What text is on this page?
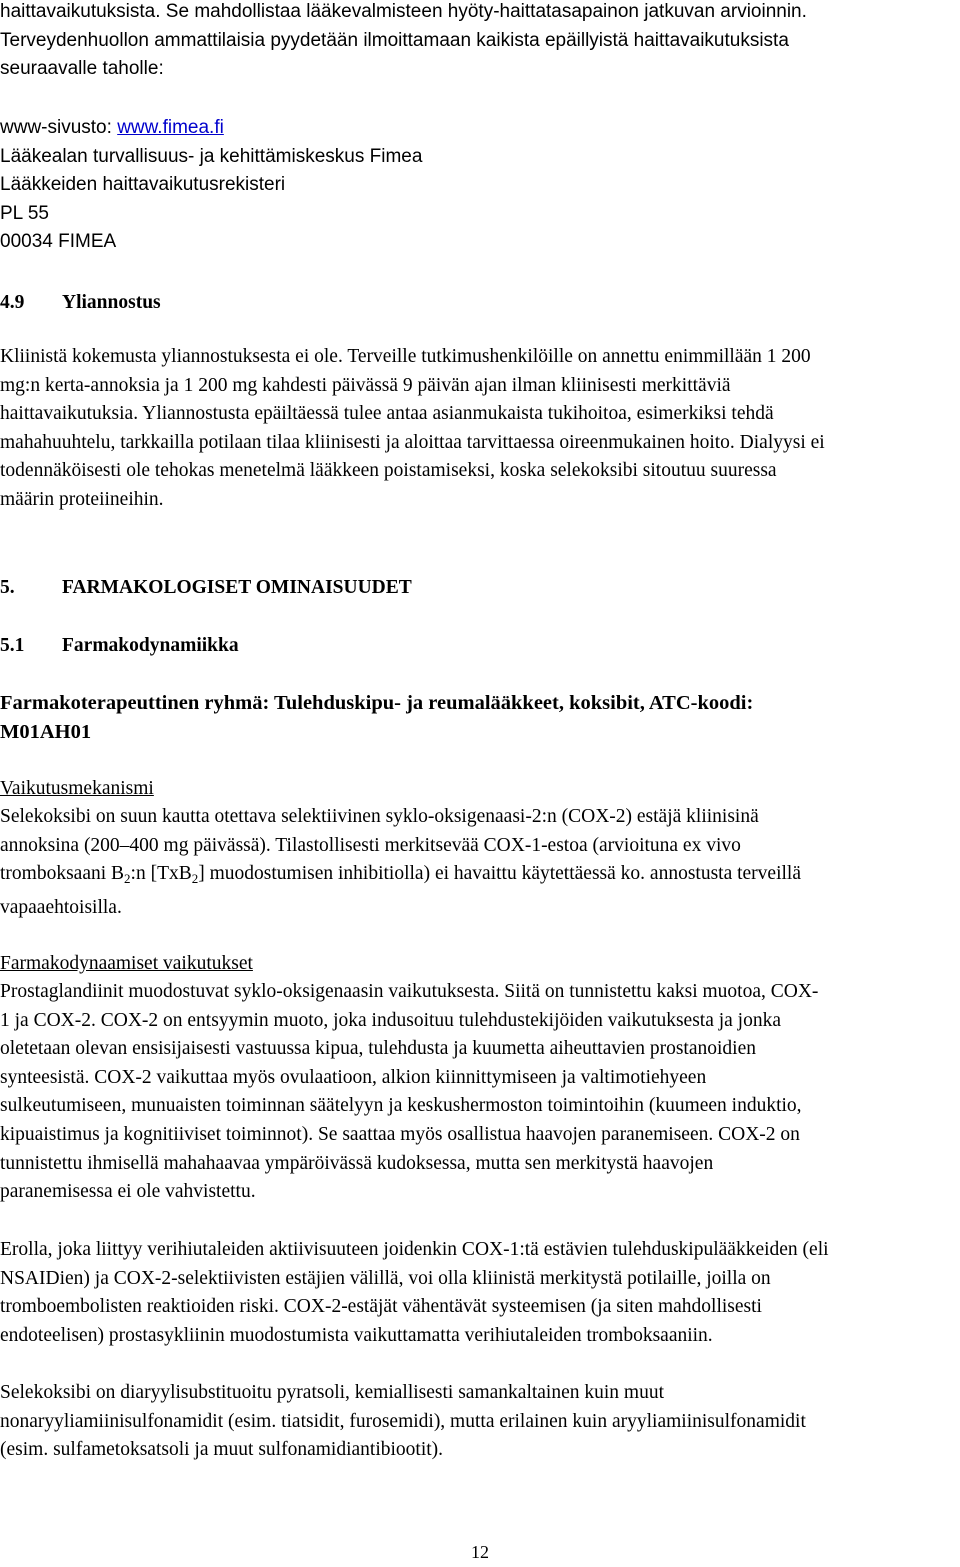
haittavaikutuksista. Se mahdollistaa lääkevalmisteen hyöty-haittatasapainon jatkuvan arvioinnin.

Terveydenhuollon ammattilaisia pyydetään ilmoittamaan kaikista epäillyistä haittavaikutuksista

seuraavalle taholle:

www-sivusto: www.fimea.fi

Lääkealan turvallisuus- ja kehittämiskeskus Fimea

Lääkkeiden haittavaikutusrekisteri

PL 55

00034 FIMEA

4.9	Yliannostus

Kliinistä kokemusta yliannostuksesta ei ole. Terveille tutkimushenkilöille on annettu enimmillään 1 200

mg:n kerta-annoksia ja 1 200 mg kahdesti päivässä 9 päivän ajan ilman kliinisesti merkittäviä

haittavaikutuksia. Yliannostusta epäiltäessä tulee antaa asianmukaista tukihoitoa, esimerkiksi tehdä

mahahuuhtelu, tarkkailla potilaan tilaa kliinisesti ja aloittaa tarvittaessa oireenmukainen hoito. Dialyysi ei

todennäköisesti ole tehokas menetelmä lääkkeen poistamiseksi, koska selekoksibi sitoutuu suuressa

määrin proteiineihin.

5.	FARMAKOLOGISET OMINAISUUDET
5.1	Farmakodynamiikka

Farmakoterapeuttinen ryhmä: Tulehduskipu- ja reumalääkkeet, koksibit, ATC-koodi:

M01AH01

Vaikutusmekanismi

Selekoksibi on suun kautta otettava selektiivinen syklo-oksigenaasi-2:n (COX-2) estäjä kliinisinä

annoksina (200–400 mg päivässä). Tilastollisesti merkitsevää COX-1-estoa (arvioituna ex vivo

tromboksaani $B_2:n$ [TxB$_2$] muodostumisen inhibitiolla) ei havaittu käytettäessä ko. annostusta terveillä

vapaaehtoisilla.

Farmakodynaamiset vaikutukset

Prostaglandiinit muodostuvat syklo-oksigenaasin vaikutuksesta. Siitä on tunnistettu kaksi muotoa, COX-

1 ja COX-2. COX-2 on entsyymin muoto, joka indusoituu tulehdustekijöiden vaikutuksesta ja jonka

oletetaan olevan ensisijaisesti vastuussa kipua, tulehdusta ja kuumetta aiheuttavien prostanoidien

synteesistä. COX-2 vaikuttaa myös ovulaatioon, alkion kiinnittymiseen ja valtimotiehyeen

sulkeutumiseen, munuaisten toiminnan säätelyyn ja keskushermoston toimintoihin (kuumeen induktio,

kipuaistimus ja kognitiiviset toiminnot). Se saattaa myös osallistua haavojen paranemiseen. COX-2 on

tunnistettu ihmisellä mahahaavaa ympäröivässä kudoksessa, mutta sen merkitystä haavojen

paranemisessa ei ole vahvistettu.

Erolla, joka liittyy verihiutaleiden aktiivisuuteen joidenkin COX-1:tä estävien tulehduskipulääkkeiden (eli

NSAIDien) ja COX-2-selektiivisten estäjien välillä, voi olla kliinistä merkitystä potilaille, joilla on

tromboembolisten reaktioiden riski. COX-2-estäjät vähentävät systeemisen (ja siten mahdollisesti

endoteelisen) prostasykliinin muodostumista vaikuttamatta verihiutaleiden tromboksaaniin.

Selekoksibi on diaryylisubstituoitu pyratsoli, kemiallisesti samankaltainen kuin muut

nonaryyliamiinisulfonamidit (esim. tiatsidit, furosemidi), mutta erilainen kuin aryyliamiinisulfonamidit

(esim. sulfametoksatsoli ja muut sulfonamidiantibiootit).

12
